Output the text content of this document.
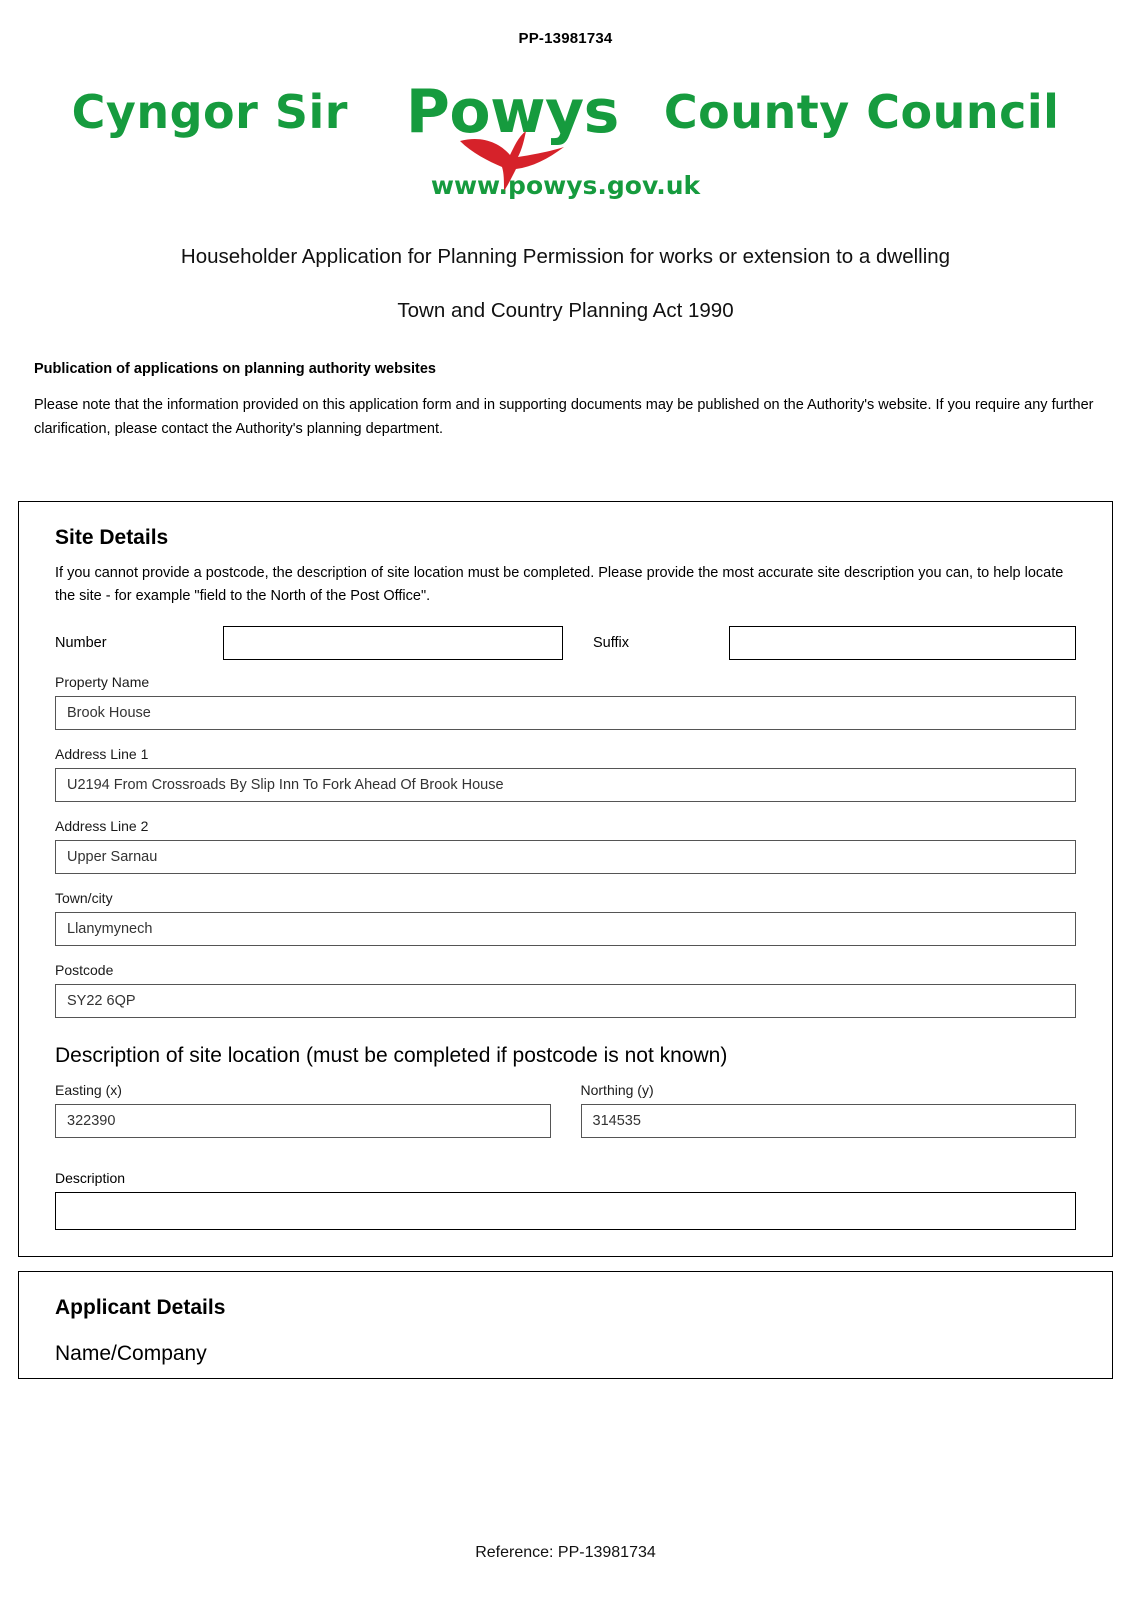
PP-13981734
Cyngor Sir Powys County Council
www.powys.gov.uk
Householder Application for Planning Permission for works or extension to a dwelling
Town and Country Planning Act 1990
Publication of applications on planning authority websites
Please note that the information provided on this application form and in supporting documents may be published on the Authority's website. If you require any further clarification, please contact the Authority's planning department.
Site Details
If you cannot provide a postcode, the description of site location must be completed. Please provide the most accurate site description you can, to help locate the site - for example "field to the North of the Post Office".
Number	Suffix
Property Name
Brook House
Address Line 1
U2194 From Crossroads By Slip Inn To Fork Ahead Of Brook House
Address Line 2
Upper Sarnau
Town/city
Llanymynech
Postcode
SY22 6QP
Description of site location (must be completed if postcode is not known)
Easting (x)
322390
Northing (y)
314535
Description
Applicant Details
Name/Company
Reference: PP-13981734
